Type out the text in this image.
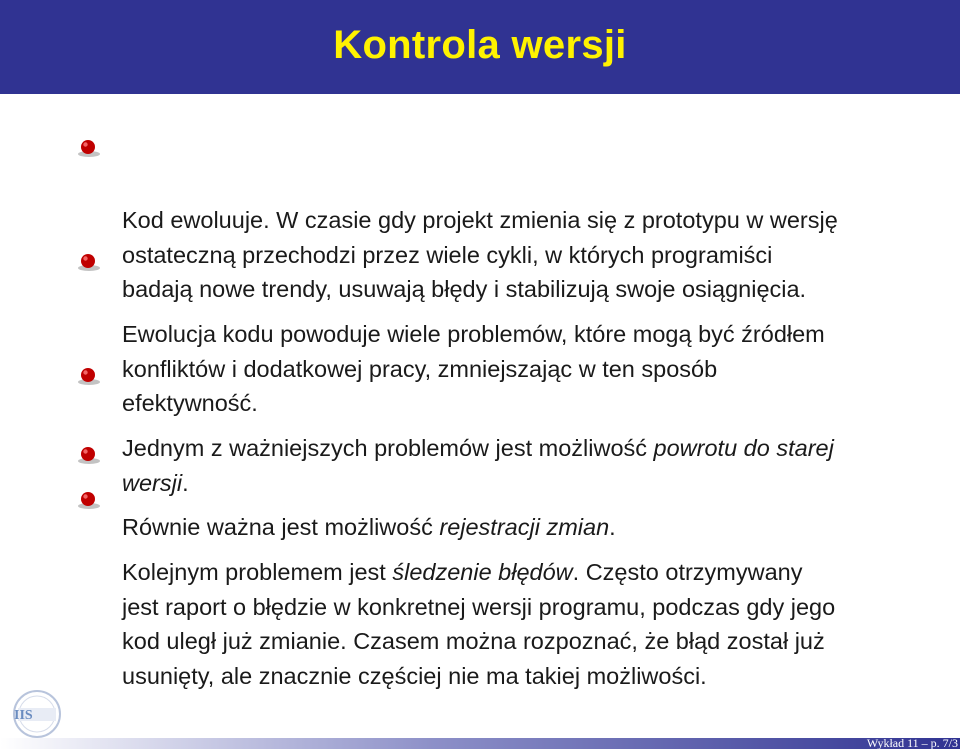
Kontrola wersji

Kod ewoluuje. W czasie gdy projekt zmienia się z prototypu w wersję
ostateczną przechodzi przez wiele cykli, w których programiści
badają nowe trendy, usuwają błędy i stabilizują swoje osiągnięcia.

Ewolucja kodu powoduje wiele problemów, które mogą być źródłem
konfliktów i dodatkowej pracy, zmniejszając w ten sposób
efektywność.

Jednym z ważniejszych problemów jest możliwość powrotu do starej
wersji.

Równie ważna jest możliwość rejestracji zmian.

Kolejnym problemem jest śledzenie błędów. Często otrzymywany
jest raport o błędzie w konkretnej wersji programu, podczas gdy jego
kod uległ już zmianie. Czasem można rozpoznać, że błąd został już
usunięty, ale znacznie częściej nie ma takiej możliwości.

IIS
Wykład 11 – p. 7/3
